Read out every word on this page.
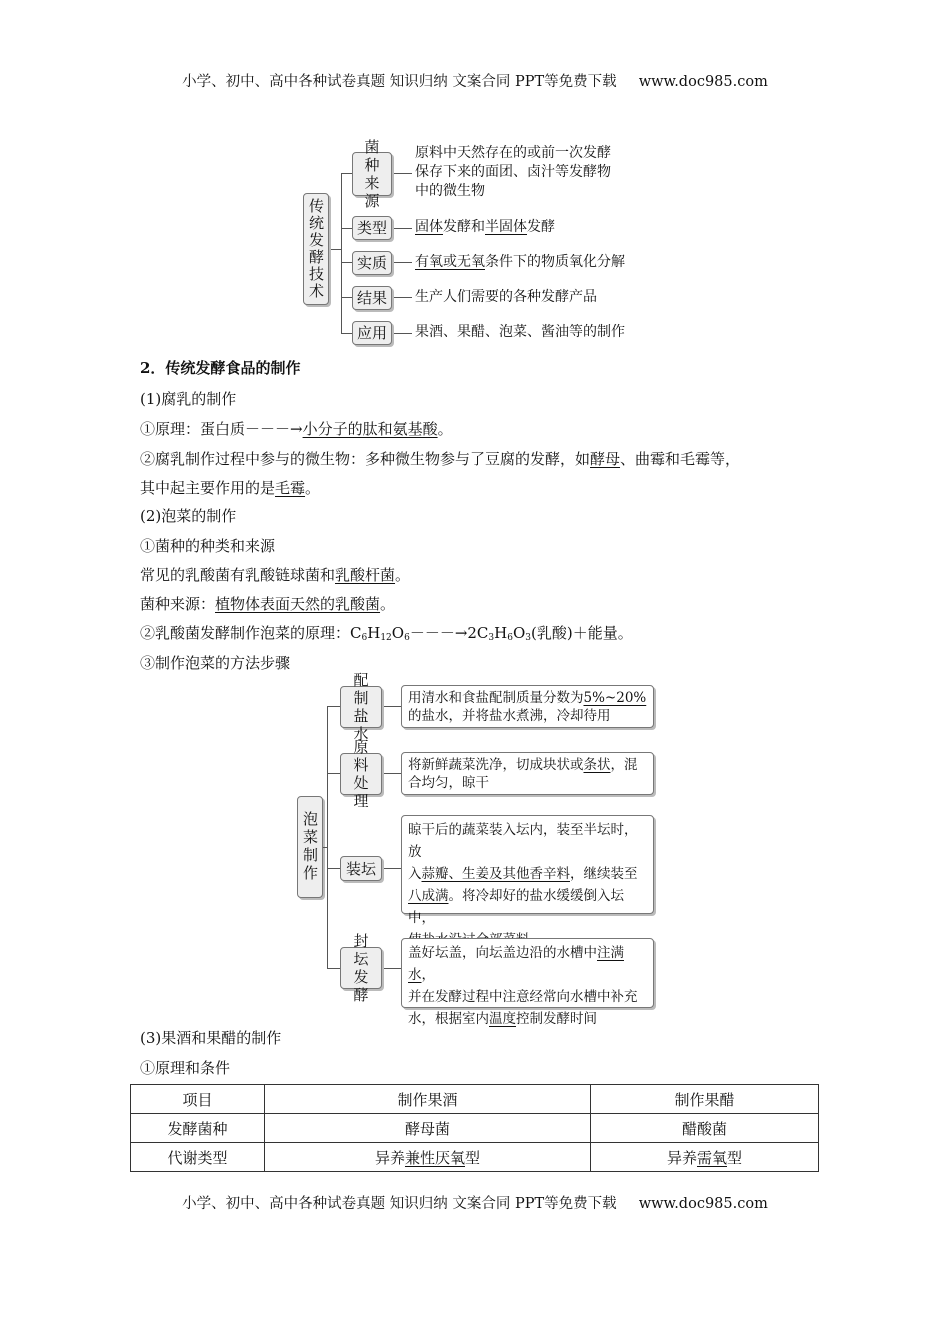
小学、初中、高中各种试卷真题 知识归纳 文案合同 PPT等免费下载 www.doc985.com
传统发酵技术
菌种来源
类型
实质
结果
应用
原料中天然存在的或前一次发酵
保存下来的面团、卤汁等发酵物
中的微生物
固体发酵和半固体发酵
有氧或无氧条件下的物质氧化分解
生产人们需要的各种发酵产品
果酒、果醋、泡菜、酱油等的制作
2．传统发酵食品的制作
(1)腐乳的制作
①原理：蛋白质－－－→小分子的肽和氨基酸。
②腐乳制作过程中参与的微生物：多种微生物参与了豆腐的发酵，如酵母、曲霉和毛霉等，
其中起主要作用的是毛霉。
(2)泡菜的制作
①菌种的种类和来源
常见的乳酸菌有乳酸链球菌和乳酸杆菌。
菌种来源：植物体表面天然的乳酸菌。
②乳酸菌发酵制作泡菜的原理：$C_6H_{12}O_6---\to 2C_3H_6O_3$(乳酸)＋能量。
③制作泡菜的方法步骤
泡菜制作
配制盐水
原料处理
装坛
封坛发酵
用清水和食盐配制质量分数为5%~20%
的盐水，并将盐水煮沸，冷却待用
将新鲜蔬菜洗净，切成块状或条状，混
合均匀，晾干
晾干后的蔬菜装入坛内，装至半坛时，放
入蒜瓣、生姜及其他香辛料，继续装至
八成满。将冷却好的盐水缓缓倒入坛中，
盖好坛盖，向坛盖边沿的水槽中注满水，
并在发酵过程中注意经常向水槽中补充
水，根据室内温度控制发酵时间
(3)果酒和果醋的制作
①原理和条件
项目	制作果酒	制作果醋
发酵菌种	酵母菌	醋酸菌
代谢类型	异养兼性厌氧型	异养需氧型
小学、初中、高中各种试卷真题 知识归纳 文案合同 PPT等免费下载 www.doc985.com
